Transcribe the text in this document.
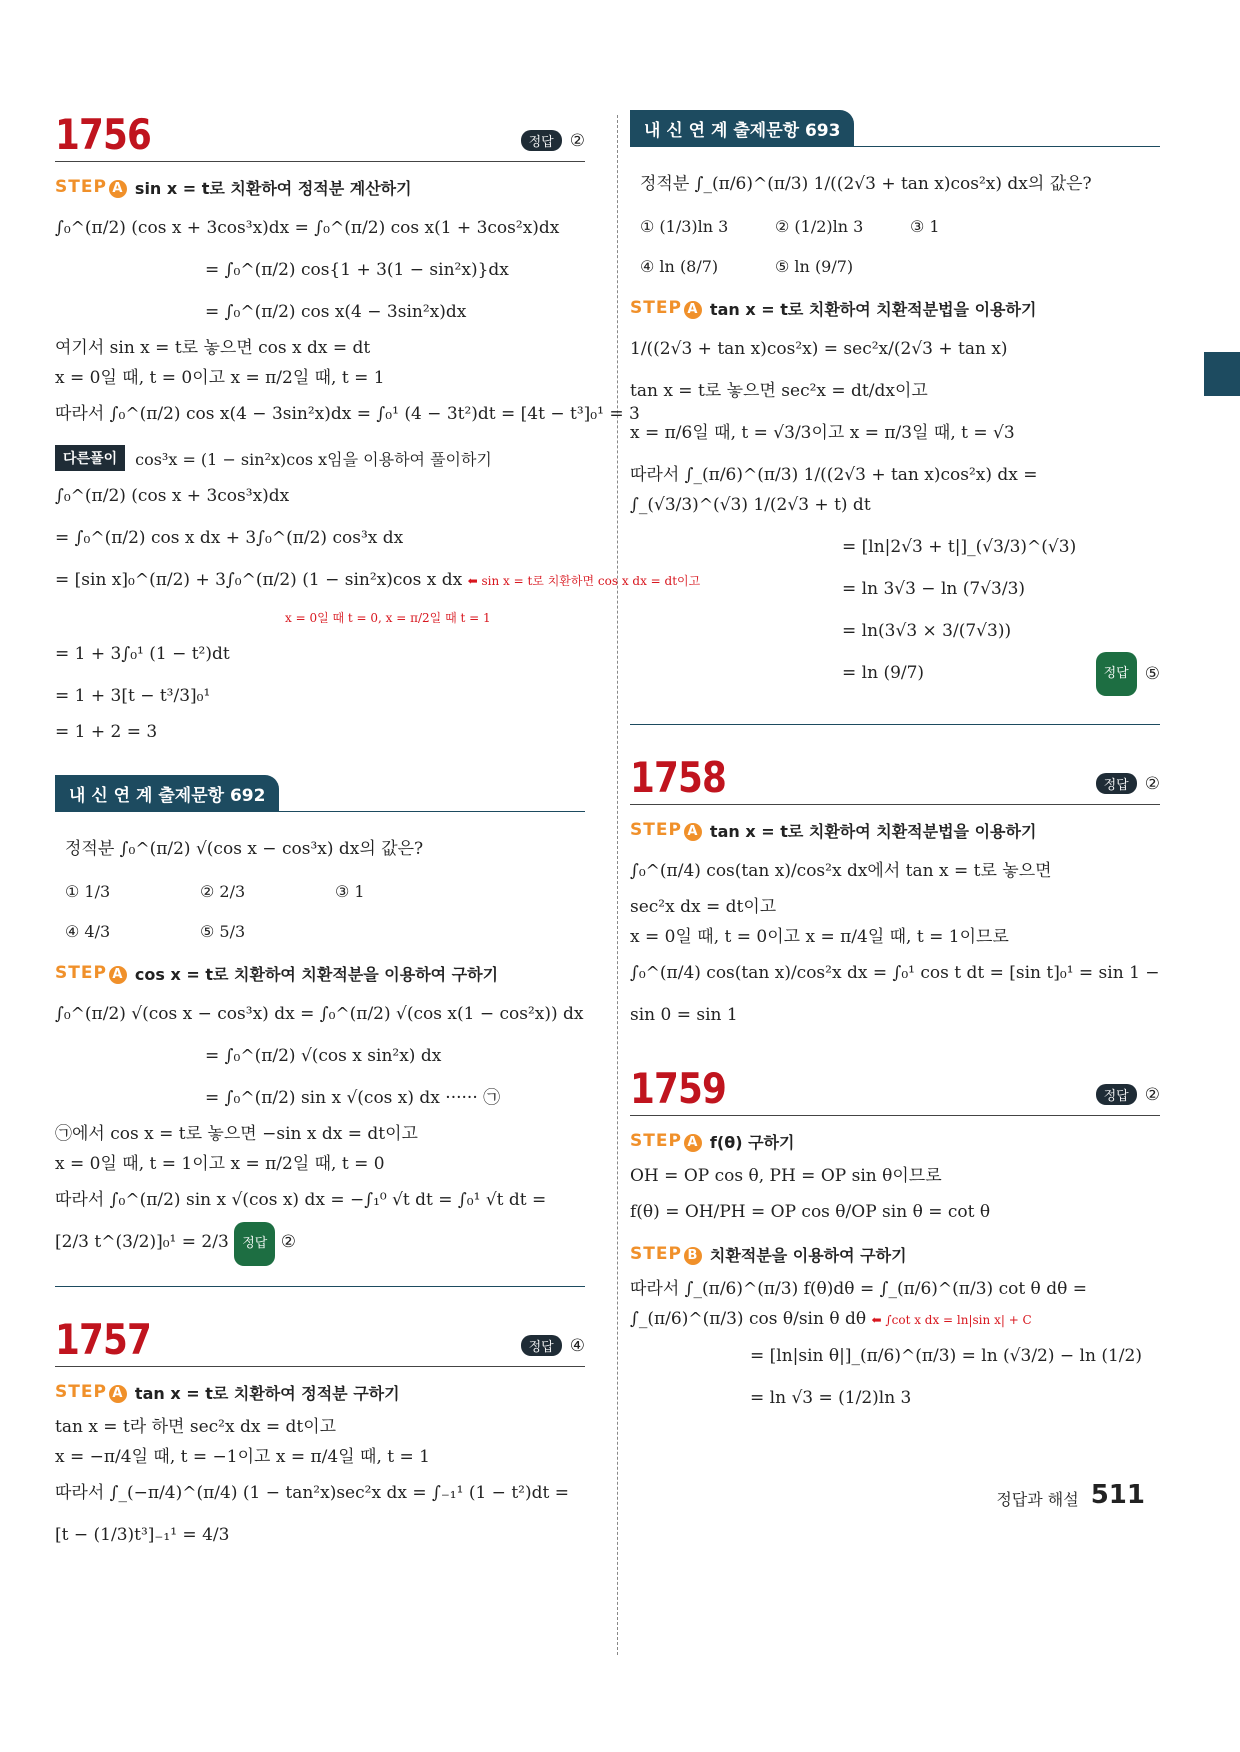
1756	정답 ②
STEP A sin x = t로 치환하여 정적분 계산하기
∫₀^(π/2) (cos x + 3cos³x)dx = ∫₀^(π/2) cos x(1 + 3cos²x)dx
= ∫₀^(π/2) cos{1 + 3(1 − sin²x)}dx
= ∫₀^(π/2) cos x(4 − 3sin²x)dx
여기서 sin x = t로 놓으면 cos x dx = dt
x = 0일 때, t = 0이고 x = π/2일 때, t = 1
따라서 ∫₀^(π/2) cos x(4 − 3sin²x)dx = ∫₀¹ (4 − 3t²)dt = [4t − t³]₀¹ = 3
다른풀이	cos³x = (1 − sin²x)cos x임을 이용하여 풀이하기
∫₀^(π/2) (cos x + 3cos³x)dx
= ∫₀^(π/2) cos x dx + 3∫₀^(π/2) cos³x dx
= [sin x]₀^(π/2) + 3∫₀^(π/2) (1 − sin²x)cos x dx ⬅ sin x = t로 치환하면 cos x dx = dt이고
x = 0일 때 t = 0, x = π/2일 때 t = 1
= 1 + 3∫₀¹ (1 − t²)dt
= 1 + 3[t − t³/3]₀¹
= 1 + 2 = 3
내 신 연 계 출제문항 692
정적분 ∫₀^(π/2) √(cos x − cos³x) dx의 값은?
① 1/3	② 2/3	③ 1
④ 4/3	⑤ 5/3
STEP A cos x = t로 치환하여 치환적분을 이용하여 구하기
∫₀^(π/2) √(cos x − cos³x) dx = ∫₀^(π/2) √(cos x(1 − cos²x)) dx
= ∫₀^(π/2) √(cos x sin²x) dx
= ∫₀^(π/2) sin x √(cos x) dx ······ ㉠
㉠에서 cos x = t로 놓으면 −sin x dx = dt이고
x = 0일 때, t = 1이고 x = π/2일 때, t = 0
따라서 ∫₀^(π/2) sin x √(cos x) dx = −∫₁⁰ √t dt = ∫₀¹ √t dt = [2/3 t^(3/2)]₀¹ = 2/3 정답 ②
1757	정답 ④
STEP A tan x = t로 치환하여 정적분 구하기
tan x = t라 하면 sec²x dx = dt이고
x = −π/4일 때, t = −1이고 x = π/4일 때, t = 1
따라서 ∫_(−π/4)^(π/4) (1 − tan²x)sec²x dx = ∫₋₁¹ (1 − t²)dt = [t − (1/3)t³]₋₁¹ = 4/3
내 신 연 계 출제문항 693
정적분 ∫_(π/6)^(π/3) 1/((2√3 + tan x)cos²x) dx의 값은?
① (1/3)ln 3	② (1/2)ln 3	③ 1
④ ln (8/7)	⑤ ln (9/7)
STEP A tan x = t로 치환하여 치환적분법을 이용하기
1/((2√3 + tan x)cos²x) = sec²x/(2√3 + tan x)
tan x = t로 놓으면 sec²x = dt/dx이고
x = π/6일 때, t = √3/3이고 x = π/3일 때, t = √3
따라서 ∫_(π/6)^(π/3) 1/((2√3 + tan x)cos²x) dx = ∫_(√3/3)^(√3) 1/(2√3 + t) dt
= [ln|2√3 + t|]_(√3/3)^(√3)
= ln 3√3 − ln (7√3/3)
= ln(3√3 × 3/(7√3))
= ln (9/7)	정답 ⑤
1758	정답 ②
STEP A tan x = t로 치환하여 치환적분법을 이용하기
∫₀^(π/4) cos(tan x)/cos²x dx에서 tan x = t로 놓으면
sec²x dx = dt이고
x = 0일 때, t = 0이고 x = π/4일 때, t = 1이므로
∫₀^(π/4) cos(tan x)/cos²x dx = ∫₀¹ cos t dt = [sin t]₀¹ = sin 1 − sin 0 = sin 1
1759	정답 ②
STEP A f(θ) 구하기
OH = OP cos θ, PH = OP sin θ이므로
f(θ) = OH/PH = OP cos θ/OP sin θ = cot θ
STEP B 치환적분을 이용하여 구하기
따라서 ∫_(π/6)^(π/3) f(θ)dθ = ∫_(π/6)^(π/3) cot θ dθ = ∫_(π/6)^(π/3) cos θ/sin θ dθ ⬅ ∫cot x dx = ln|sin x| + C
= [ln|sin θ|]_(π/6)^(π/3) = ln (√3/2) − ln (1/2)
= ln √3 = (1/2)ln 3
정답과 해설 511
